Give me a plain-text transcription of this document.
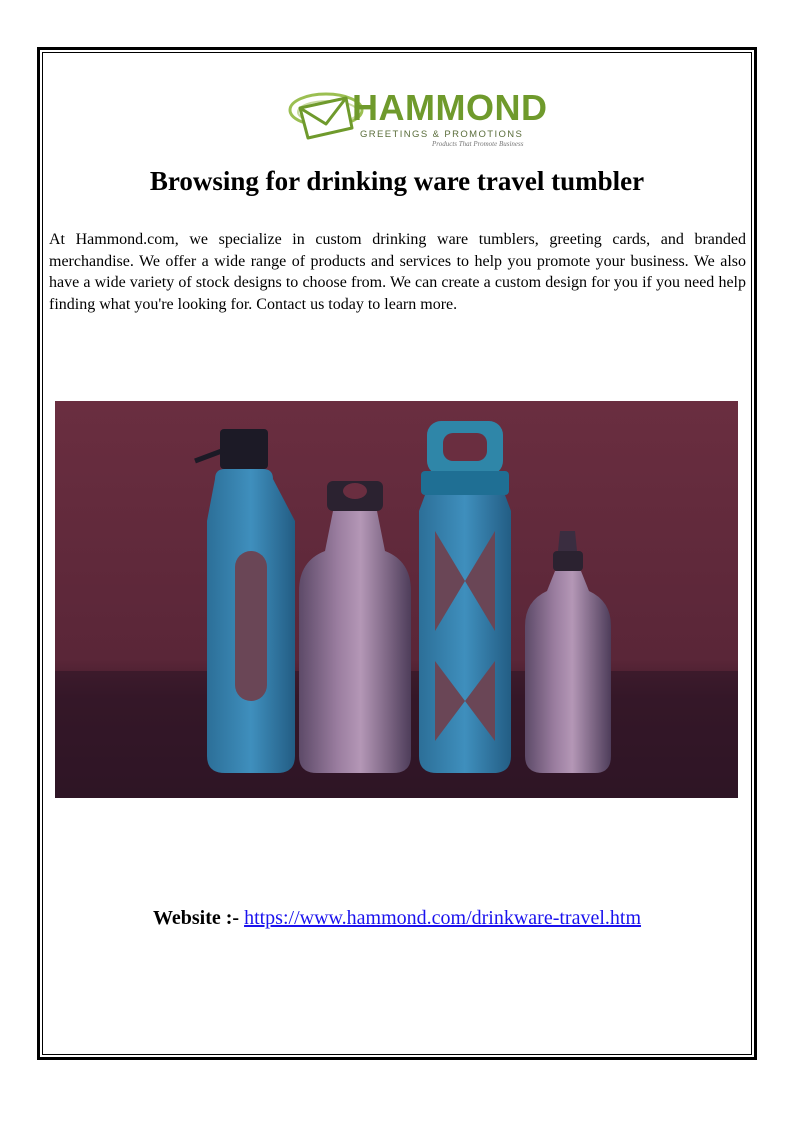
HAMMOND
GREETINGS & PROMOTIONS
Products That Promote Business
Browsing for drinking ware travel tumbler

At Hammond.com, we specialize in custom drinking ware tumblers, greeting cards, and branded merchandise. We offer a wide range of products and services to help you promote your business. We also have a wide variety of stock designs to choose from. We can create a custom design for you if you need help finding what you're looking for. Contact us today to learn more.

Website :- https://www.hammond.com/drinkware-travel.htm
